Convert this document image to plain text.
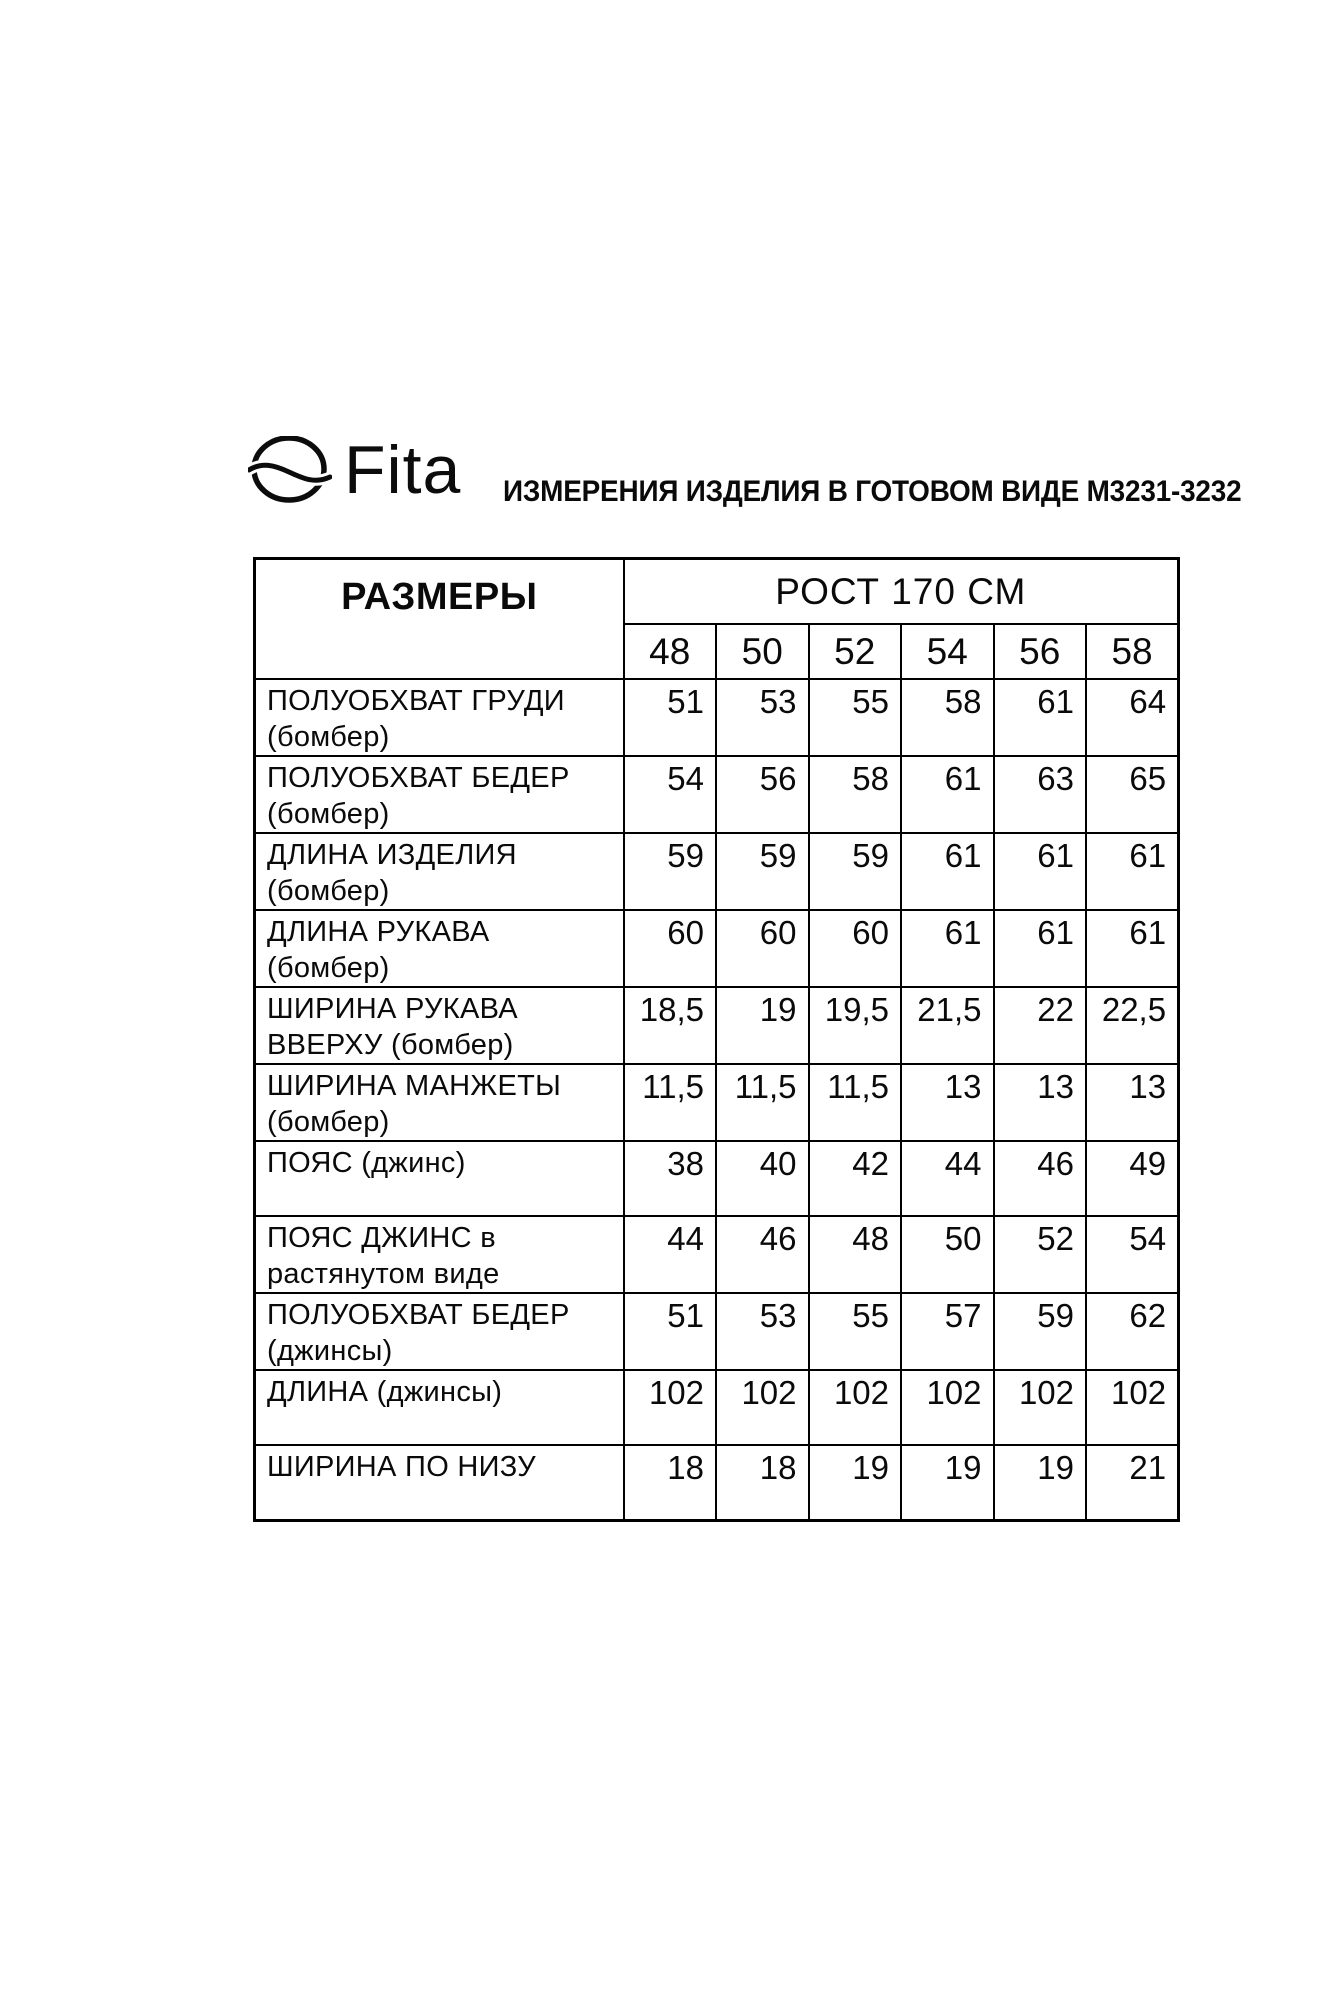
Fita ИЗМЕРЕНИЯ ИЗДЕЛИЯ В ГОТОВОМ ВИДЕ М3231-3232
РАЗМЕРЫ	РОСТ 170 СМ					
	48	50	52	54	56	58

ПОЛУОБХВАТ ГРУДИ
(бомбер)	51	53	55	58	61	64

ПОЛУОБХВАТ БЕДЕР
(бомбер)	54	56	58	61	63	65

ДЛИНА ИЗДЕЛИЯ
(бомбер)	59	59	59	61	61	61

ДЛИНА РУКАВА
(бомбер)	60	60	60	61	61	61

ШИРИНА РУКАВА
ВВЕРХУ (бомбер)	18,5	19	19,5	21,5	22	22,5

ШИРИНА МАНЖЕТЫ
(бомбер)	11,5	11,5	11,5	13	13	13

ПОЯС (джинс)	38	40	42	44	46	49

ПОЯС ДЖИНС в
растянутом виде	44	46	48	50	52	54

ПОЛУОБХВАТ БЕДЕР
(джинсы)	51	53	55	57	59	62

ДЛИНА (джинсы)	102	102	102	102	102	102

ШИРИНА ПО НИЗУ	18	18	19	19	19	21
